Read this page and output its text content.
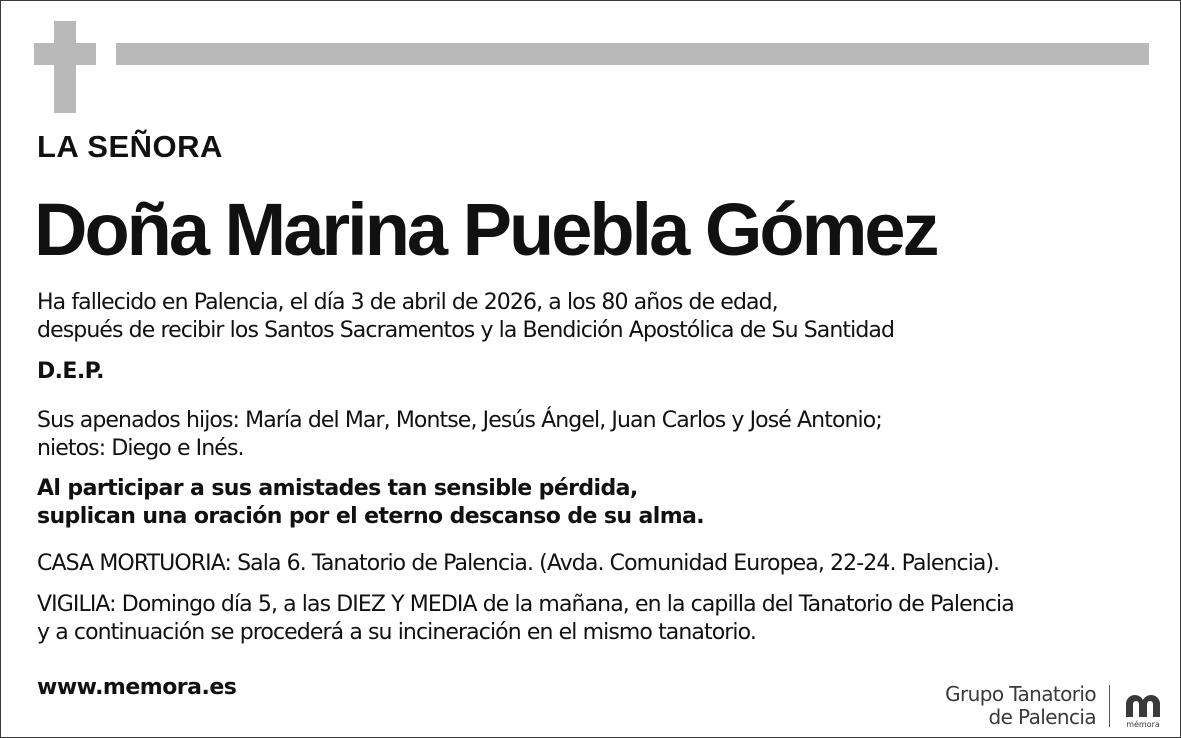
LA SEÑORA
Doña Marina Puebla Gómez
Ha fallecido en Palencia, el día 3 de abril de 2026, a los 80 años de edad,
después de recibir los Santos Sacramentos y la Bendición Apostólica de Su Santidad
D.E.P.
Sus apenados hijos: María del Mar, Montse, Jesús Ángel, Juan Carlos y José Antonio;
nietos: Diego e Inés.
Al participar a sus amistades tan sensible pérdida,
suplican una oración por el eterno descanso de su alma.
CASA MORTUORIA: Sala 6. Tanatorio de Palencia. (Avda. Comunidad Europea, 22-24. Palencia).
VIGILIA: Domingo día 5, a las DIEZ Y MEDIA de la mañana, en la capilla del Tanatorio de Palencia
y a continuación se procederá a su incineración en el mismo tanatorio.
www.memora.es	Grupo Tanatorio
de Palencia	mémora
